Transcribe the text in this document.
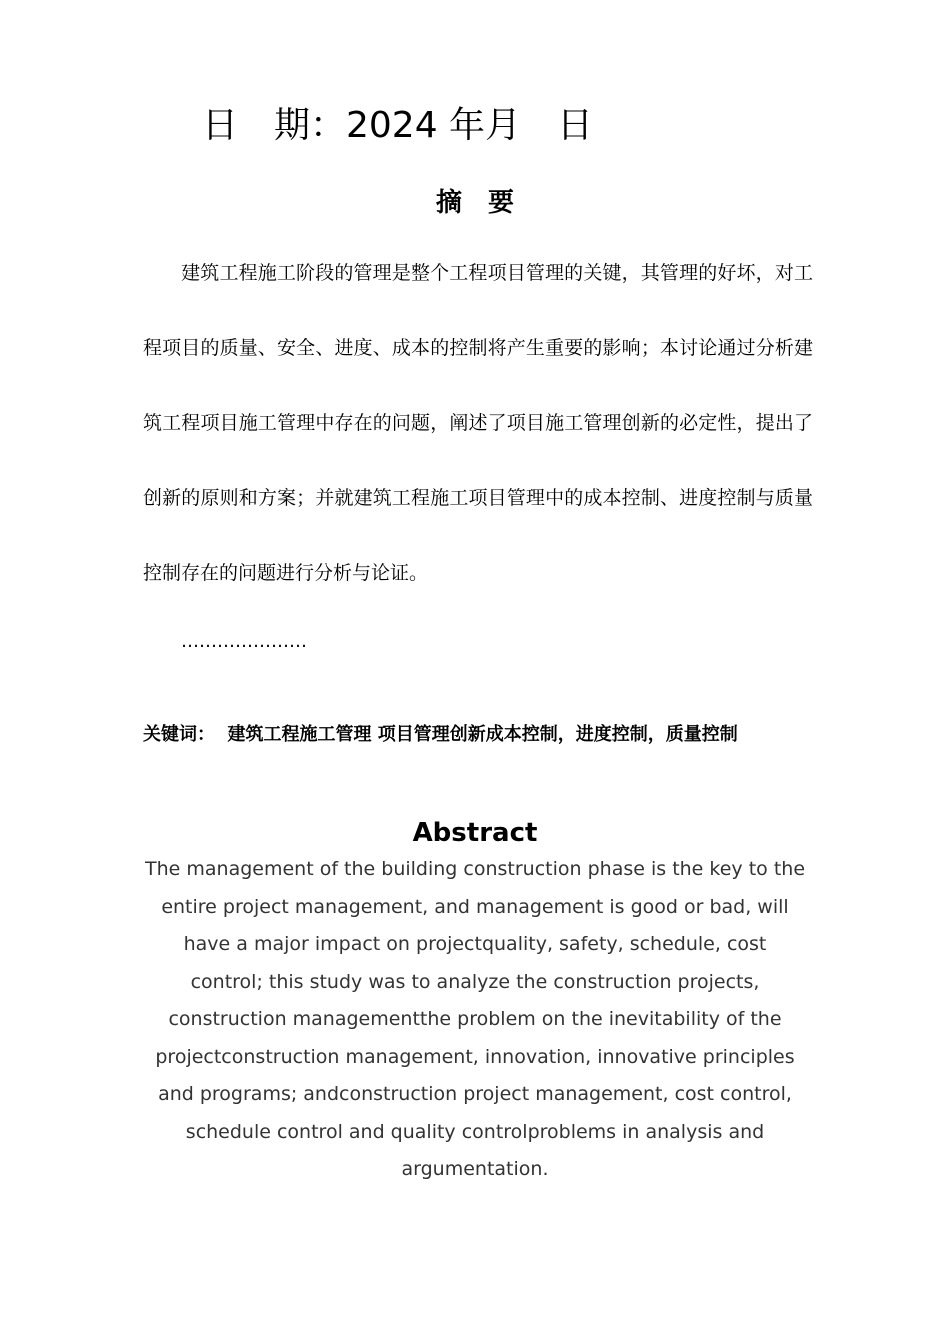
日　期：2024 年月　日
摘　要
建筑工程施工阶段的管理是整个工程项目管理的关键，其管理的好坏，对工程项目的质量、安全、进度、成本的控制将产生重要的影响；本讨论通过分析建筑工程项目施工管理中存在的问题，阐述了项目施工管理创新的必定性，提出了创新的原则和方案；并就建筑工程施工项目管理中的成本控制、进度控制与质量控制存在的问题进行分析与论证。
…………………
关键词：  建筑工程施工管理 项目管理创新成本控制，进度控制，质量控制
Abstract
The management of the building construction phase is the key to the entire project management, and management is good or bad, will have a major impact on projectquality, safety, schedule, cost control; this study was to analyze the construction projects, construction managementthe problem on the inevitability of the projectconstruction management, innovation, innovative principles and programs; andconstruction project management, cost control, schedule control and quality controlproblems in analysis and argumentation.
